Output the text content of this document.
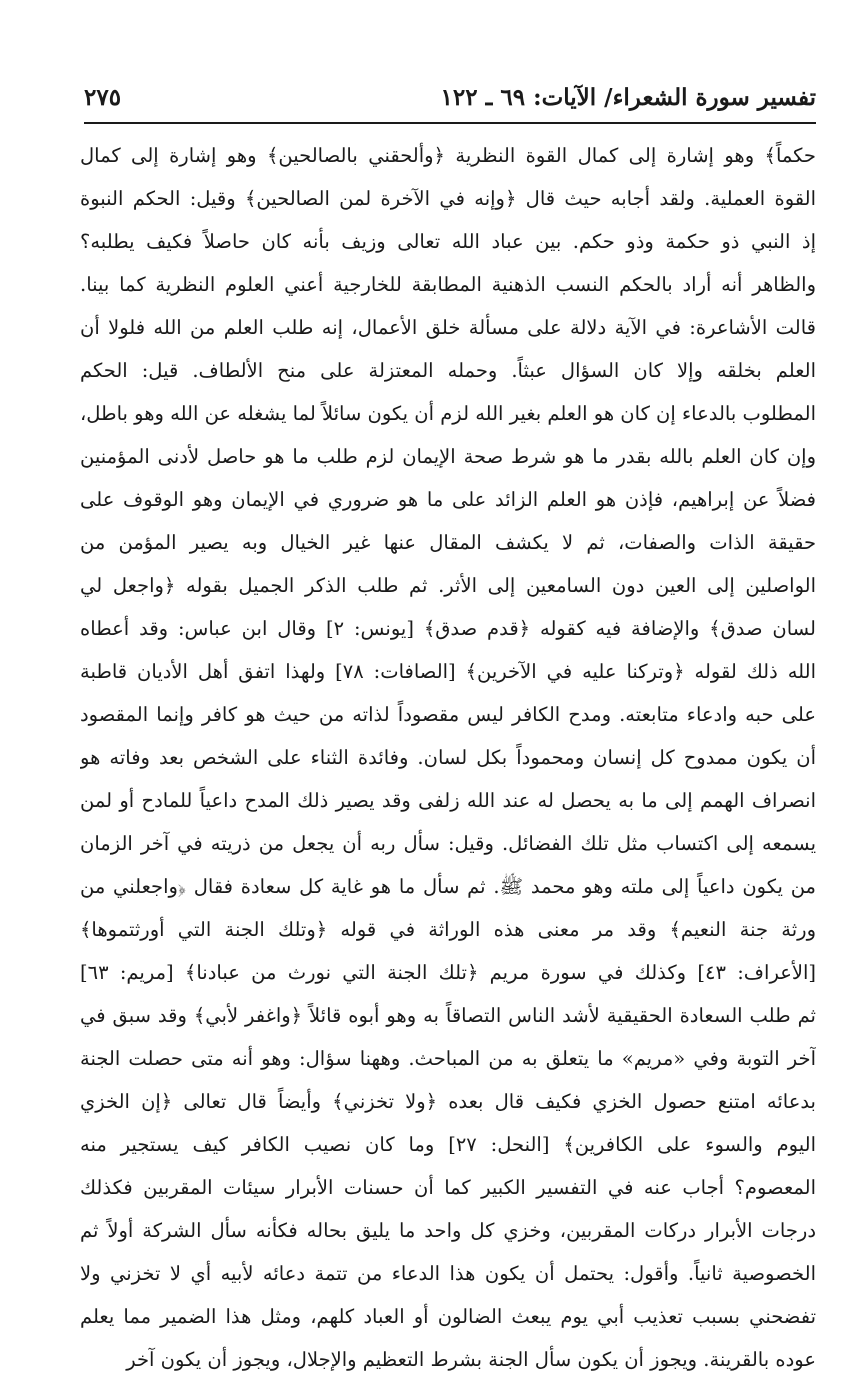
تفسير سورة الشعراء/ الآيات: ٦٩ ـ ١٢٢
٢٧٥
حكماً﴾ وهو إشارة إلى كمال القوة النظرية ﴿وألحقني بالصالحين﴾ وهو إشارة إلى كمال
القوة العملية. ولقد أجابه حيث قال ﴿وإنه في الآخرة لمن الصالحين﴾ وقيل: الحكم النبوة
إذ النبي ذو حكمة وذو حكم. بين عباد الله تعالى وزيف بأنه كان حاصلاً فكيف يطلبه؟
والظاهر أنه أراد بالحكم النسب الذهنية المطابقة للخارجية أعني العلوم النظرية كما بينا.
قالت الأشاعرة: في الآية دلالة على مسألة خلق الأعمال، إنه طلب العلم من الله فلولا أن
العلم بخلقه وإلا كان السؤال عبثاً. وحمله المعتزلة على منح الألطاف. قيل: الحكم
المطلوب بالدعاء إن كان هو العلم بغير الله لزم أن يكون سائلاً لما يشغله عن الله وهو باطل،
وإن كان العلم بالله بقدر ما هو شرط صحة الإيمان لزم طلب ما هو حاصل لأدنى المؤمنين
فضلاً عن إبراهيم، فإذن هو العلم الزائد على ما هو ضروري في الإيمان وهو الوقوف على
حقيقة الذات والصفات، ثم لا يكشف المقال عنها غير الخيال وبه يصير المؤمن من
الواصلين إلى العين دون السامعين إلى الأثر. ثم طلب الذكر الجميل بقوله ﴿واجعل لي
لسان صدق﴾ والإضافة فيه كقوله ﴿قدم صدق﴾ [يونس: ٢] وقال ابن عباس: وقد أعطاه
الله ذلك لقوله ﴿وتركنا عليه في الآخرين﴾ [الصافات: ٧٨] ولهذا اتفق أهل الأديان قاطبة
على حبه وادعاء متابعته. ومدح الكافر ليس مقصوداً لذاته من حيث هو كافر وإنما المقصود
أن يكون ممدوح كل إنسان ومحموداً بكل لسان. وفائدة الثناء على الشخص بعد وفاته هو
انصراف الهمم إلى ما به يحصل له عند الله زلفى وقد يصير ذلك المدح داعياً للمادح أو لمن
يسمعه إلى اكتساب مثل تلك الفضائل. وقيل: سأل ربه أن يجعل من ذريته في آخر الزمان
من يكون داعياً إلى ملته وهو محمد ﷺ. ثم سأل ما هو غاية كل سعادة فقال ﴿واجعلني من
ورثة جنة النعيم﴾ وقد مر معنى هذه الوراثة في قوله ﴿وتلك الجنة التي أورثتموها﴾
[الأعراف: ٤٣] وكذلك في سورة مريم ﴿تلك الجنة التي نورث من عبادنا﴾ [مريم: ٦٣]
ثم طلب السعادة الحقيقية لأشد الناس التصاقاً به وهو أبوه قائلاً ﴿واغفر لأبي﴾ وقد سبق في
آخر التوبة وفي «مريم» ما يتعلق به من المباحث. وههنا سؤال: وهو أنه متى حصلت الجنة
بدعائه امتنع حصول الخزي فكيف قال بعده ﴿ولا تخزني﴾ وأيضاً قال تعالى ﴿إن الخزي
اليوم والسوء على الكافرين﴾ [النحل: ٢٧] وما كان نصيب الكافر كيف يستجير منه
المعصوم؟ أجاب عنه في التفسير الكبير كما أن حسنات الأبرار سيئات المقربين فكذلك
درجات الأبرار دركات المقربين، وخزي كل واحد ما يليق بحاله فكأنه سأل الشركة أولاً ثم
الخصوصية ثانياً. وأقول: يحتمل أن يكون هذا الدعاء من تتمة دعائه لأبيه أي لا تخزني ولا
تفضحني بسبب تعذيب أبي يوم يبعث الضالون أو العباد كلهم، ومثل هذا الضمير مما يعلم
عوده بالقرينة. ويجوز أن يكون سأل الجنة بشرط التعظيم والإجلال، ويجوز أن يكون آخر
